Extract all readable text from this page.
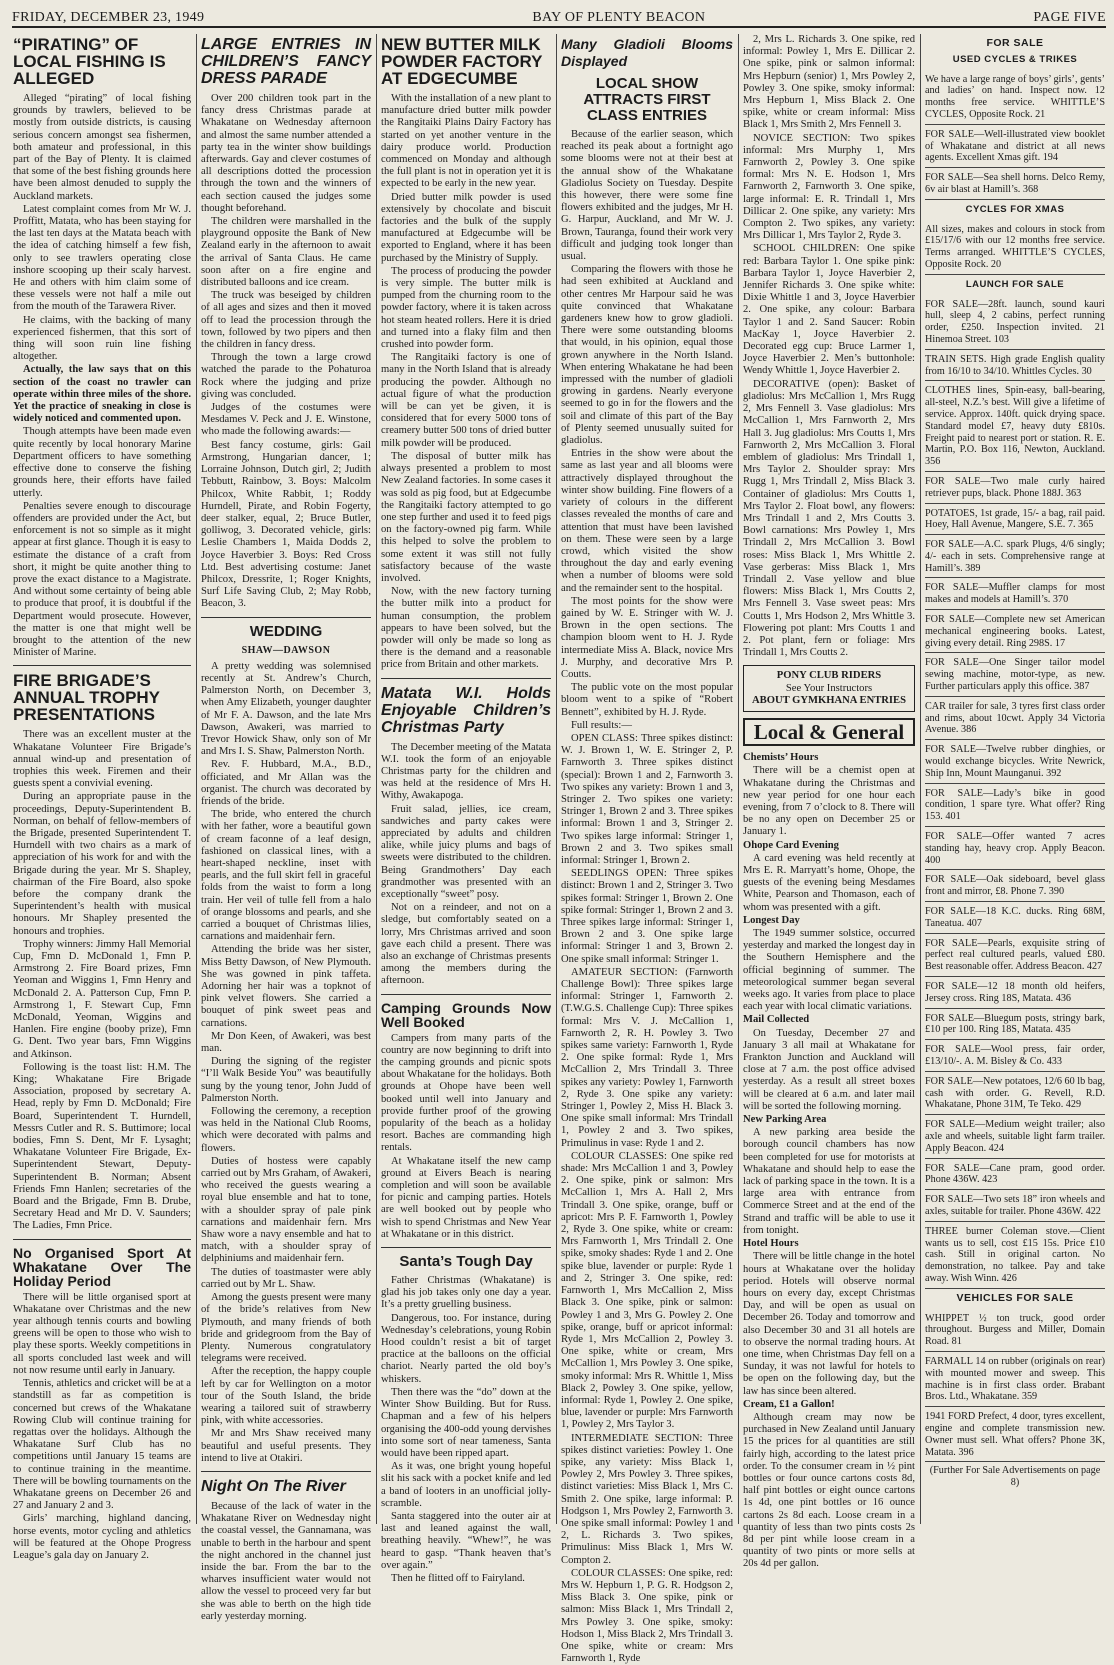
FRIDAY, DECEMBER 23, 1949	BAY OF PLENTY BEACON	PAGE FIVE
“PIRATING” OF LOCAL FISHING IS ALLEGED

Alleged “pirating” of local fishing grounds by trawlers, believed to be mostly from outside districts, is causing serious concern amongst sea fishermen, both amateur and professional, in this part of the Bay of Plenty. It is claimed that some of the best fishing grounds here have been almost denuded to supply the Auckland markets.

Latest complaint comes from Mr W. J. Proffitt, Matata, who has been staying for the last ten days at the Matata beach with the idea of catching himself a few fish, only to see trawlers operating close inshore scooping up their scaly harvest. He and others with him claim some of these vessels were not half a mile out from the mouth of the Tarawera River.

He claims, with the backing of many experienced fishermen, that this sort of thing will soon ruin line fishing altogether.

Actually, the law says that on this section of the coast no trawler can operate within three miles of the shore. Yet the practice of sneaking in close is widely noticed and commented upon.

Though attempts have been made even quite recently by local honorary Marine Department officers to have something effective done to conserve the fishing grounds here, their efforts have failed utterly.

Penalties severe enough to discourage offenders are provided under the Act, but enforcement is not so simple as it might appear at first glance. Though it is easy to estimate the distance of a craft from short, it might be quite another thing to prove the exact distance to a Magistrate. And without some certainty of being able to produce that proof, it is doubtful if the Department would prosecute. However, the matter is one that might well be brought to the attention of the new Minister of Marine.

FIRE BRIGADE’S ANNUAL TROPHY PRESENTATIONS

There was an excellent muster at the Whakatane Volunteer Fire Brigade’s annual wind-up and presentation of trophies this week. Firemen and their guests spent a convivial evening.

During an appropriate pause in the proceedings, Deputy-Superintendent B. Norman, on behalf of fellow-members of the Brigade, presented Superintendent T. Hurndell with two chairs as a mark of appreciation of his work for and with the Brigade during the year. Mr S. Shapley, chairman of the Fire Board, also spoke before the company drank the Superintendent’s health with musical honours. Mr Shapley presented the honours and trophies.

Trophy winners: Jimmy Hall Memorial Cup, Fmn D. McDonald 1, Fmn P. Armstrong 2. Fire Board prizes, Fmn Yeoman and Wiggins 1, Fmn Henry and McDonald 2. A. Patterson Cup, Fmn P. Armstrong 1, F. Stewart Cup, Fmn McDonald, Yeoman, Wiggins and Hanlen. Fire engine (booby prize), Fmn G. Dent. Two year bars, Fmn Wiggins and Atkinson.

Following is the toast list: H.M. The King; Whakatane Fire Brigade Association, proposed by secretary A. Head, reply by Fmn D. McDonald; Fire Board, Superintendent T. Hurndell, Messrs Cutler and R. S. Buttimore; local bodies, Fmn S. Dent, Mr F. Lysaght; Whakatane Volunteer Fire Brigade, Ex-Superintendent Stewart, Deputy-Superintendent B. Norman; Absent Friends Fmn Hanlen; secretaries of the Board and the Brigade, Fmn B. Drube, Secretary Head and Mr D. V. Saunders; The Ladies, Fmn Price.

No Organised Sport At Whakatane Over The Holiday Period

There will be little organised sport at Whakatane over Christmas and the new year although tennis courts and bowling greens will be open to those who wish to play these sports. Weekly competitions in all sports concluded last week and will not now resume until early in January.

Tennis, athletics and cricket will be at a standstill as far as competition is concerned but crews of the Whakatane Rowing Club will continue training for regattas over the holidays. Although the Whakatane Surf Club has no competitions until January 15 teams are to continue training in the meantime. There will be bowling tournaments on the Whakatane greens on December 26 and 27 and January 2 and 3.

Girls’ marching, highland dancing, horse events, motor cycling and athletics will be featured at the Ohope Progress League’s gala day on January 2.

LARGE ENTRIES IN CHILDREN’S FANCY DRESS PARADE

Over 200 children took part in the fancy dress Christmas parade at Whakatane on Wednesday afternoon and almost the same number attended a party tea in the winter show buildings afterwards. Gay and clever costumes of all descriptions dotted the procession through the town and the winners of each section caused the judges some thought beforehand.

The children were marshalled in the playground opposite the Bank of New Zealand early in the afternoon to await the arrival of Santa Claus. He came soon after on a fire engine and distributed balloons and ice cream.

The truck was beseiged by children of all ages and sizes and then it moved off to lead the procession through the town, followed by two pipers and then the children in fancy dress.

Through the town a large crowd watched the parade to the Pohaturoa Rock where the judging and prize giving was concluded.

Judges of the costumes were Mesdames V. Peck and J. E. Winstone, who made the following awards:—

Best fancy costume, girls: Gail Armstrong, Hungarian dancer, 1; Lorraine Johnson, Dutch girl, 2; Judith Tebbutt, Rainbow, 3. Boys: Malcolm Philcox, White Rabbit, 1; Roddy Hurndell, Pirate, and Robin Fogerty, deer stalker, equal, 2; Bruce Butler, golliwog, 3. Decorated vehicle, girls: Leslie Chambers 1, Maida Dodds 2, Joyce Haverbier 3. Boys: Red Cross Ltd. Best advertising costume: Janet Philcox, Dressrite, 1; Roger Knights, Surf Life Saving Club, 2; May Robb, Beacon, 3.

WEDDING
SHAW—DAWSON

A pretty wedding was solemnised recently at St. Andrew’s Church, Palmerston North, on December 3, when Amy Elizabeth, younger daughter of Mr F. A. Dawson, and the late Mrs Dawson, Awakeri, was married to Trevor Howick Shaw, only son of Mr and Mrs I. S. Shaw, Palmerston North.

Rev. F. Hubbard, M.A., B.D., officiated, and Mr Allan was the organist. The church was decorated by friends of the bride.

The bride, who entered the church with her father, wore a beautiful gown of cream faconne of a leaf design, fashioned on classical lines, with a heart-shaped neckline, inset with pearls, and the full skirt fell in graceful folds from the waist to form a long train. Her veil of tulle fell from a halo of orange blossoms and pearls, and she carried a bouquet of Christmas lilies, carnations and maidenhair fern.

Attending the bride was her sister, Miss Betty Dawson, of New Plymouth. She was gowned in pink taffeta. Adorning her hair was a topknot of pink velvet flowers. She carried a bouquet of pink sweet peas and carnations.

Mr Don Keen, of Awakeri, was best man.

During the signing of the register “I’ll Walk Beside You” was beautifully sung by the young tenor, John Judd of Palmerston North.

Following the ceremony, a reception was held in the National Club Rooms, which were decorated with palms and flowers.

Duties of hostess were capably carried out by Mrs Graham, of Awakeri, who received the guests wearing a royal blue ensemble and hat to tone, with a shoulder spray of pale pink carnations and maidenhair fern. Mrs Shaw wore a navy ensemble and hat to match, with a shoulder spray of delphiniums and maidenhair fern.

The duties of toastmaster were ably carried out by Mr L. Shaw.

Among the guests present were many of the bride’s relatives from New Plymouth, and many friends of both bride and gridegroom from the Bay of Plenty. Numerous congratulatory telegrams were received.

After the reception, the happy couple left by car for Wellington on a motor tour of the South Island, the bride wearing a tailored suit of strawberry pink, with white accessories.

Mr and Mrs Shaw received many beautiful and useful presents. They intend to live at Otakiri.

Night On The River

Because of the lack of water in the Whakatane River on Wednesday night the coastal vessel, the Gannamana, was unable to berth in the harbour and spent the night anchored in the channel just inside the bar. From the bar to the wharves insufficient water would not allow the vessel to proceed very far but she was able to berth on the high tide early yesterday morning.

NEW BUTTER MILK POWDER FACTORY AT EDGECUMBE

With the installation of a new plant to manufacture dried butter milk powder the Rangitaiki Plains Dairy Factory has started on yet another venture in the dairy produce world. Production commenced on Monday and although the full plant is not in operation yet it is expected to be early in the new year.

Dried butter milk powder is used extensively by chocolate and biscuit factories and the bulk of the supply manufactured at Edgecumbe will be exported to England, where it has been purchased by the Ministry of Supply.

The process of producing the powder is very simple. The butter milk is pumped from the churning room to the powder factory, where it is taken across hot steam heated rollers. Here it is dried and turned into a flaky film and then crushed into powder form.

The Rangitaiki factory is one of many in the North Island that is already producing the powder. Although no actual figure of what the production will be can yet be given, it is considered that for every 5000 tons of creamery butter 500 tons of dried butter milk powder will be produced.

The disposal of butter milk has always presented a problem to most New Zealand factories. In some cases it was sold as pig food, but at Edgecumbe the Rangitaiki factory attempted to go one step further and used it to feed pigs on the factory-owned pig farm. While this helped to solve the problem to some extent it was still not fully satisfactory because of the waste involved.

Now, with the new factory turning the butter milk into a product for human consumption, the problem appears to have been solved, but the powder will only be made so long as there is the demand and a reasonable price from Britain and other markets.

Matata W.I. Holds Enjoyable Children’s Christmas Party

The December meeting of the Matata W.I. took the form of an enjoyable Christmas party for the children and was held at the residence of Mrs H. Withy, Awakapoga.

Fruit salad, jellies, ice cream, sandwiches and party cakes were appreciated by adults and children alike, while juicy plums and bags of sweets were distributed to the children. Being Grandmothers’ Day each grandmother was presented with an exceptionally “sweet” posy.

Not on a reindeer, and not on a sledge, but comfortably seated on a lorry, Mrs Christmas arrived and soon gave each child a present. There was also an exchange of Christmas presents among the members during the afternoon.

Camping Grounds Now Well Booked

Campers from many parts of the country are now beginning to drift into the camping grounds and picnic spots about Whakatane for the holidays. Both grounds at Ohope have been well booked until well into January and provide further proof of the growing popularity of the beach as a holiday resort. Baches are commanding high rentals.

At Whakatane itself the new camp ground at Eivers Beach is nearing completion and will soon be available for picnic and camping parties. Hotels are well booked out by people who wish to spend Christmas and New Year at Whakatane or in this district.

Santa’s Tough Day

Father Christmas (Whakatane) is glad his job takes only one day a year. It’s a pretty gruelling business.

Dangerous, too. For instance, during Wednesday’s celebrations, young Robin Hood couldn’t resist a bit of target practice at the balloons on the official chariot. Nearly parted the old boy’s whiskers.

Then there was the “do” down at the Winter Show Building. But for Russ. Chapman and a few of his helpers organising the 400-odd young dervishes into some sort of near tameness, Santa would have been ripped apart.

As it was, one bright young hopeful slit his sack with a pocket knife and led a band of looters in an unofficial jolly-scramble.

Santa staggered into the outer air at last and leaned against the wall, breathing heavily. “Whew!”, he was heard to gasp. “Thank heaven that’s over again.”

Then he flitted off to Fairyland.

Many Gladioli Blooms Displayed
LOCAL SHOW ATTRACTS FIRST CLASS ENTRIES

Because of the earlier season, which reached its peak about a fortnight ago some blooms were not at their best at the annual show of the Whakatane Gladiolus Society on Tuesday. Despite this however, there were some fine flowers exhibited and the judges, Mr H. G. Harpur, Auckland, and Mr W. J. Brown, Tauranga, found their work very difficult and judging took longer than usual.

Comparing the flowers with those he had seen exhibited at Auckland and other centres Mr Harpour said he was quite convinced that Whakatane gardeners knew how to grow gladioli. There were some outstanding blooms that would, in his opinion, equal those grown anywhere in the North Island. When entering Whakatane he had been impressed with the number of gladioli growing in gardens. Nearly everyone seemed to go in for the flowers and the soil and climate of this part of the Bay of Plenty seemed unusually suited for gladiolus.

Entries in the show were about the same as last year and all blooms were attractively displayed throughout the winter show building. Fine flowers of a variety of colours in the different classes revealed the months of care and attention that must have been lavished on them. These were seen by a large crowd, which visited the show throughout the day and early evening when a number of blooms were sold and the remainder sent to the hospital.

The most points for the show were gained by W. E. Stringer with W. J. Brown in the open sections. The champion bloom went to H. J. Ryde intermediate Miss A. Black, novice Mrs J. Murphy, and decorative Mrs P. Coutts.

The public vote on the most popular bloom went to a spike of “Robert Bennett”, exhibited by H. J. Ryde.

Full results:—

OPEN CLASS: Three spikes distinct: W. J. Brown 1, W. E. Stringer 2, P. Farnworth 3. Three spikes distinct (special): Brown 1 and 2, Farnworth 3. Two spikes any variety: Brown 1 and 3, Stringer 2. Two spikes one variety: Stringer 1, Brown 2 and 3. Three spikes informal: Brown 1 and 3, Stringer 2. Two spikes large informal: Stringer 1, Brown 2 and 3. Two spikes small informal: Stringer 1, Brown 2.

SEEDLINGS OPEN: Three spikes distinct: Brown 1 and 2, Stringer 3. Two spikes formal: Stringer 1, Brown 2. One spike formal: Stringer 1, Brown 2 and 3. Three spikes large informal: Stringer 1, Brown 2 and 3. One spike large informal: Stringer 1 and 3, Brown 2. One spike small informal: Stringer 1.

AMATEUR SECTION: (Farnworth Challenge Bowl): Three spikes large informal: Stringer 1, Farnworth 2. (T.W.G.S. Challenge Cup): Three spikes formal: Mrs V. J. McCallion 1, Farnworth 2, R. H. Powley 3. Two spikes same variety: Farnworth 1, Ryde 2. One spike formal: Ryde 1, Mrs McCallion 2, Mrs Trindall 3. Three spikes any variety: Powley 1, Farnworth 2, Ryde 3. One spike any variety: Stringer 1, Powley 2, Miss H. Black 3. One spike small informal: Mrs Trindall 1, Powley 2 and 3. Two spikes, Primulinus in vase: Ryde 1 and 2.

COLOUR CLASSES: One spike red shade: Mrs McCallion 1 and 3, Powley 2. One spike, pink or salmon: Mrs McCallion 1, Mrs A. Hall 2, Mrs Trindall 3. One spike, orange, buff or apricot: Mrs P. F. Farnworth 1, Powley 2, Ryde 3. One spike, white or cream: Mrs Farnworth 1, Mrs Trindall 2. One spike, smoky shades: Ryde 1 and 2. One spike blue, lavender or purple: Ryde 1 and 2, Stringer 3. One spike, red: Farnworth 1, Mrs McCallion 2, Miss Black 3. One spike, pink or salmon: Powley 1 and 3, Mrs G. Powley 2. One spike, orange, buff or apricot informal: Ryde 1, Mrs McCallion 2, Powley 3. One spike, white or cream, Mrs McCallion 1, Mrs Powley 3. One spike, smoky informal: Mrs R. Whittle 1, Miss Black 2, Powley 3. One spike, yellow, informal: Ryde 1, Powley 2. One spike, blue, lavender or purple: Mrs Farnworth 1, Powley 2, Mrs Taylor 3.

INTERMEDIATE SECTION: Three spikes distinct varieties: Powley 1. One spike, any variety: Miss Black 1, Powley 2, Mrs Powley 3. Three spikes, distinct varieties: Miss Black 1, Mrs C. Smith 2. One spike, large informal: P. Hodgson 1, Mrs Powley 2, Farnworth 3. One spike small informal: Powley 1 and 2, L. Richards 3. Two spikes, Primulinus: Miss Black 1, Mrs W. Compton 2.

COLOUR CLASSES: One spike, red: Mrs W. Hepburn 1, P. G. R. Hodgson 2, Miss Black 3. One spike, pink or salmon: Miss Black 1, Mrs Trindall 2, Mrs Powley 3. One spike, smoky: Hodson 1, Miss Black 2, Mrs Trindall 3. One spike, white or cream: Mrs Farnworth 1, Ryde

2, Mrs L. Richards 3. One spike, red informal: Powley 1, Mrs E. Dillicar 2. One spike, pink or salmon informal: Mrs Hepburn (senior) 1, Mrs Powley 2, Powley 3. One spike, smoky informal: Mrs Hepburn 1, Miss Black 2. One spike, white or cream informal: Miss Black 1, Mrs Smith 2, Mrs Fennell 3.

NOVICE SECTION: Two spikes informal: Mrs Murphy 1, Mrs Farnworth 2, Powley 3. One spike formal: Mrs N. E. Hodson 1, Mrs Farnworth 2, Farnworth 3. One spike, large informal: E. R. Trindall 1, Mrs Dillicar 2. One spike, any variety: Mrs Compton 2. Two spikes, any variety: Mrs Dillicar 1, Mrs Taylor 2, Ryde 3.

SCHOOL CHILDREN: One spike red: Barbara Taylor 1. One spike pink: Barbara Taylor 1, Joyce Haverbier 2, Jennifer Richards 3. One spike white: Dixie Whittle 1 and 3, Joyce Haverbier 2. One spike, any colour: Barbara Taylor 1 and 2. Sand Saucer: Robin MacKay 1, Joyce Haverbier 2. Decorated egg cup: Bruce Larmer 1, Joyce Haverbier 2. Men’s buttonhole: Wendy Whittle 1, Joyce Haverbier 2.

DECORATIVE (open): Basket of gladiolus: Mrs McCallion 1, Mrs Rugg 2, Mrs Fennell 3. Vase gladiolus: Mrs McCallion 1, Mrs Farnworth 2, Mrs Hall 3. Jug gladiolus: Mrs Coutts 1, Mrs Farnworth 2, Mrs McCallion 3. Floral emblem of gladiolus: Mrs Trindall 1, Mrs Taylor 2. Shoulder spray: Mrs Rugg 1, Mrs Trindall 2, Miss Black 3. Container of gladiolus: Mrs Coutts 1, Mrs Taylor 2. Float bowl, any flowers: Mrs Trindall 1 and 2, Mrs Coutts 3. Bowl carnations: Mrs Powley 1, Mrs Trindall 2, Mrs McCallion 3. Bowl roses: Miss Black 1, Mrs Whittle 2. Vase gerberas: Miss Black 1, Mrs Trindall 2. Vase yellow and blue flowers: Miss Black 1, Mrs Coutts 2, Mrs Fennell 3. Vase sweet peas: Mrs Coutts 1, Mrs Hodson 2, Mrs Whittle 3. Flowering pot plant: Mrs Coutts 1 and 2. Pot plant, fern or foliage: Mrs Trindall 1, Mrs Coutts 2.

PONY CLUB RIDERS
See Your Instructors
ABOUT GYMKHANA ENTRIES
Local & General

Chemists’ Hours

There will be a chemist open at Whakatane during the Christmas and new year period for one hour each evening, from 7 o’clock to 8. There will be no any open on December 25 or January 1.

Ohope Card Evening

A card evening was held recently at Mrs E. R. Marryatt’s home, Ohope, the guests of the evening being Mesdames White, Pearson and Thomason, each of whom was presented with a gift.

Longest Day

The 1949 summer solstice, occurred yesterday and marked the longest day in the Southern Hemisphere and the official beginning of summer. The meteorological summer began several weeks ago. It varies from place to place each year with local climatic variations.

Mail Collected

On Tuesday, December 27 and January 3 all mail at Whakatane for Frankton Junction and Auckland will close at 7 a.m. the post office advised yesterday. As a result all street boxes will be cleared at 6 a.m. and later mail will be sorted the following morning.

New Parking Area

A new parking area beside the borough council chambers has now been completed for use for motorists at Whakatane and should help to ease the lack of parking space in the town. It is a large area with entrance from Commerce Street and at the end of the Strand and traffic will be able to use it from tonight.

Hotel Hours

There will be little change in the hotel hours at Whakatane over the holiday period. Hotels will observe normal hours on every day, except Christmas Day, and will be open as usual on December 26. Today and tomorrow and also December 30 and 31 all hotels are to observe the normal trading hours. At one time, when Christmas Day fell on a Sunday, it was not lawful for hotels to be open on the following day, but the law has since been altered.

Cream, £1 a Gallon!

Although cream may now be purchased in New Zealand until January 15 the prices for al quantities are still fairly high, according to the latest price order. To the consumer cream in ½ pint bottles or four ounce cartons costs 8d, half pint bottles or eight ounce cartons 1s 4d, one pint bottles or 16 ounce cartons 2s 8d each. Loose cream in a quantity of less than two pints costs 2s 8d per pint while loose cream in a quantity of two pints or more sells at 20s 4d per gallon.

FOR SALE
USED CYCLES & TRIKES
We have a large range of boys’ girls’, gents’ and ladies’ on hand. Inspect now. 12 months free service. WHITTLE’S CYCLES, Opposite Rock. 21
FOR SALE—Well-illustrated view booklet of Whakatane and district at all news agents. Excellent Xmas gift. 194
FOR SALE—Sea shell horns. Delco Remy, 6v air blast at Hamill’s. 368
CYCLES FOR XMAS
All sizes, makes and colours in stock from £15/17/6 with our 12 months free service. Terms arranged. WHITTLE’S CYCLES, Opposite Rock. 20
LAUNCH FOR SALE
FOR SALE—28ft. launch, sound kauri hull, sleep 4, 2 cabins, perfect running order, £250. Inspection invited. 21 Hinemoa Street. 103
TRAIN SETS. High grade English quality from 16/10 to 34/10. Whittles Cycles. 30
CLOTHES lines, Spin-easy, ball-bearing, all-steel, N.Z.’s best. Will give a lifetime of service. Approx. 140ft. quick drying space. Standard model £7, heavy duty £810s. Freight paid to nearest port or station. R. E. Martin, P.O. Box 116, Newton, Auckland. 356
FOR SALE—Two male curly haired retriever pups, black. Phone 188J. 363
POTATOES, 1st grade, 15/- a bag, rail paid. Hoey, Hall Avenue, Mangere, S.E. 7. 365
FOR SALE—A.C. spark Plugs, 4/6 singly; 4/- each in sets. Comprehensive range at Hamill’s. 389
FOR SALE—Muffler clamps for most makes and models at Hamill’s. 370
FOR SALE—Complete new set American mechanical engineering books. Latest, giving every detail. Ring 298S. 17
FOR SALE—One Singer tailor model sewing machine, motor-type, as new. Further particulars apply this office. 387
CAR trailer for sale, 3 tyres first class order and rims, about 10cwt. Apply 34 Victoria Avenue. 386
FOR SALE—Twelve rubber dinghies, or would exchange bicycles. Write Newrick, Ship Inn, Mount Maunganui. 392
FOR SALE—Lady’s bike in good condition, 1 spare tyre. What offer? Ring 153. 401
FOR SALE—Offer wanted 7 acres standing hay, heavy crop. Apply Beacon. 400
FOR SALE—Oak sideboard, bevel glass front and mirror, £8. Phone 7. 390
FOR SALE—18 K.C. ducks. Ring 68M, Taneatua. 407
FOR SALE—Pearls, exquisite string of perfect real cultured pearls, valued £80. Best reasonable offer. Address Beacon. 427
FOR SALE—12 18 month old heifers, Jersey cross. Ring 18S, Matata. 436
FOR SALE—Bluegum posts, stringy bark, £10 per 100. Ring 18S, Matata. 435
FOR SALE—Wool press, fair order, £13/10/-. A. M. Bisley & Co. 433
FOR SALE—New potatoes, 12/6 60 lb bag, cash with order. G. Revell, R.D. Whakatane, Phone 31M, Te Teko. 429
FOR SALE—Medium weight trailer; also axle and wheels, suitable light farm trailer. Apply Beacon. 424
FOR SALE—Cane pram, good order. Phone 436W. 423
FOR SALE—Two sets 18” iron wheels and axles, suitable for trailer. Phone 436W. 422
THREE burner Coleman stove.—Client wants us to sell, cost £15 15s. Price £10 cash. Still in original carton. No demonstration, no talkee. Pay and take away. Wish Winn. 426
VEHICLES FOR SALE
WHIPPET ½ ton truck, good order throughout. Burgess and Miller, Domain Road. 81
FARMALL 14 on rubber (originals on rear) with mounted mower and sweep. This machine is in first class order. Brabant Bros. Ltd., Whakatane. 359
1941 FORD Prefect, 4 door, tyres excellent, engine and complete transmission new. Owner must sell. What offers? Phone 3K, Matata. 396
(Further For Sale Advertisements on page 8)
